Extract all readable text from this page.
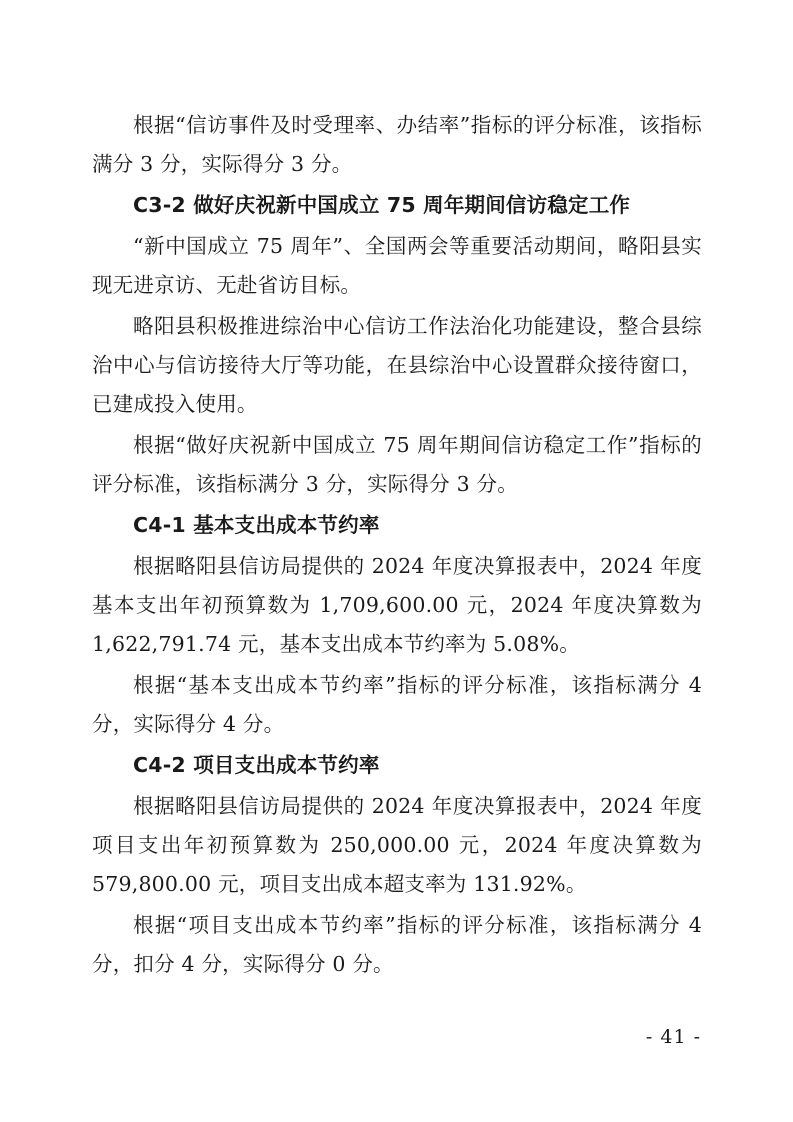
根据“信访事件及时受理率、办结率”指标的评分标准，该指标满分 3 分，实际得分 3 分。

C3-2 做好庆祝新中国成立 75 周年期间信访稳定工作

“新中国成立 75 周年”、全国两会等重要活动期间，略阳县实现无进京访、无赴省访目标。

略阳县积极推进综治中心信访工作法治化功能建设，整合县综治中心与信访接待大厅等功能，在县综治中心设置群众接待窗口，已建成投入使用。

根据“做好庆祝新中国成立 75 周年期间信访稳定工作”指标的评分标准，该指标满分 3 分，实际得分 3 分。

C4-1 基本支出成本节约率

根据略阳县信访局提供的 2024 年度决算报表中，2024 年度基本支出年初预算数为 1,709,600.00 元，2024 年度决算数为 1,622,791.74 元，基本支出成本节约率为 5.08%。

根据“基本支出成本节约率”指标的评分标准，该指标满分 4 分，实际得分 4 分。

C4-2 项目支出成本节约率

根据略阳县信访局提供的 2024 年度决算报表中，2024 年度项目支出年初预算数为 250,000.00 元，2024 年度决算数为 579,800.00 元，项目支出成本超支率为 131.92%。

根据“项目支出成本节约率”指标的评分标准，该指标满分 4 分，扣分 4 分，实际得分 0 分。

- 41 -
